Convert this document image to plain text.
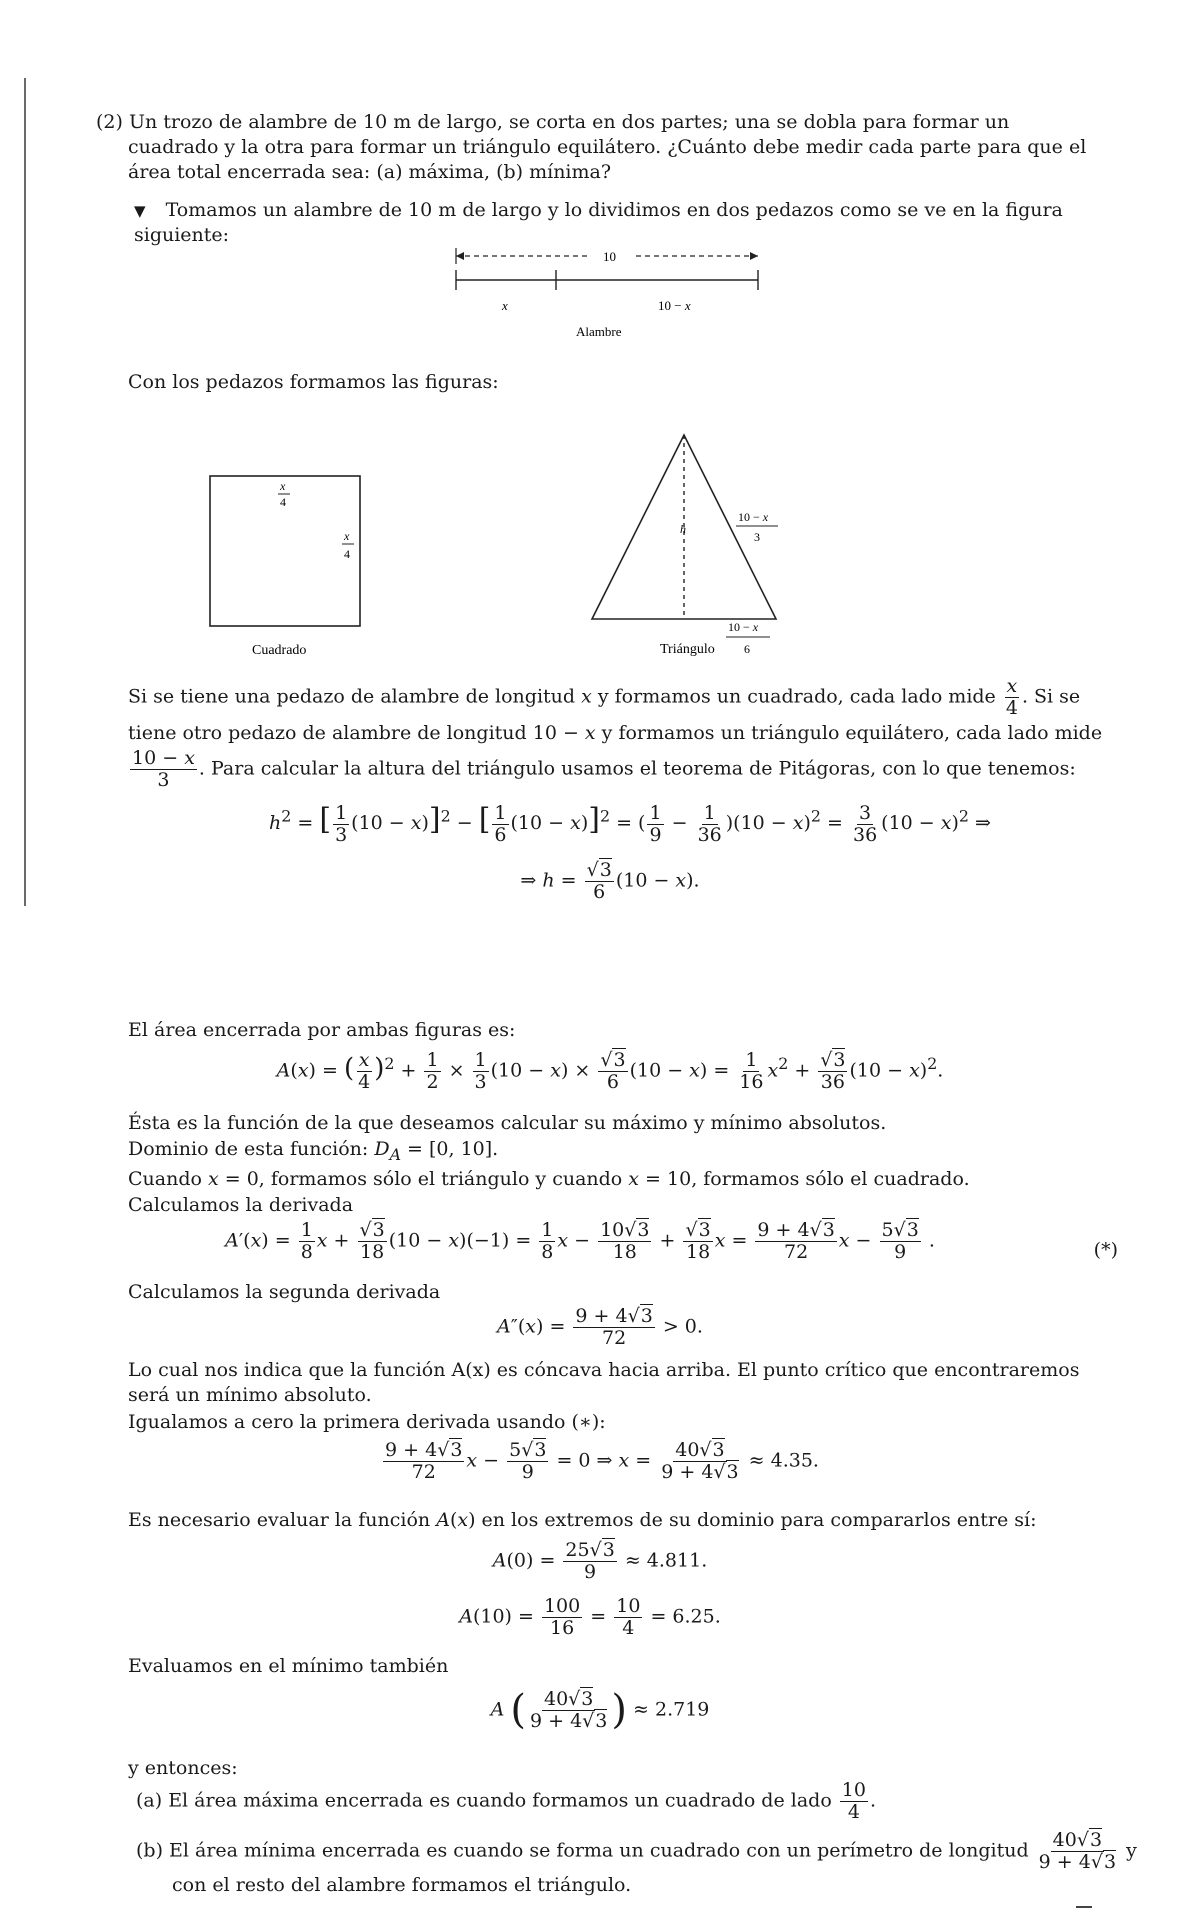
(2) Un trozo de alambre de 10 m de largo, se corta en dos partes; una se dobla para formar un cuadrado y la otra para formar un triángulo equilátero. ¿Cuánto debe medir cada parte para que el área total encerrada sea: (a) máxima, (b) mínima?

▼ Tomamos un alambre de 10 m de largo y lo dividimos en dos pedazos como se ve en la figura siguiente:
10
x	10 − x
Alambre
Con los pedazos formamos las figuras:
x
4
x
4
Cuadrado
h
10 − x
3
10 − x
Triángulo 6
Si se tiene una pedazo de alambre de longitud x y formamos un cuadrado, cada lado mide $\frac{x}{4}$ . Si se tiene otro pedazo de alambre de longitud 10 − x y formamos un triángulo equilátero, cada lado mide
$\frac{10 - x}{3}$ . Para calcular la altura del triángulo usamos el teorema de Pitágoras, con lo que tenemos:
$h^2$ = [ $\frac{1}{3} (10 - x)]^2$ − [ $\frac{1}{6} (10 - x)]^2$ = ( $\frac{1}{9} - \frac{1}{36} )(10 - x)^2 = \frac{3}{36} (10 - x)^2$ ⇒
⇒ $h = \frac{√3}{6} (10 - x)$.
El área encerrada por ambas figuras es:
A(x) = ( $\frac{x}{4} )^2 + \frac{1}{2} \times \frac{1}{3} (10 - x) \times \frac{√3}{6} (10 - x) = \frac{1}{16} x^2 + \frac{√3}{36} (10 - x)^2$.
Ésta es la función de la que deseamos calcular su máximo y mínimo absolutos.
Dominio de esta función: $D_A = [0$, 10].
Cuando x = 0, formamos sólo el triángulo y cuando x = 10, formamos sólo el cuadrado.
Calculamos la derivada
$A'(x) = \frac{1}{8}$ $x + \frac{√3}{18} (10 - x)(-1) = \frac{1}{8}$ $x - \frac{10√3}{18} + \frac{√3}{18}$ $x = \frac{9 + 4√3}{72}$ $x - \frac{5√3}{9}$ .	(*)
Calculamos la segunda derivada
$A''(x) = \frac{9 + 4√3}{72} > 0$.
Lo cual nos indica que la función A(x) es cóncava hacia arriba. El punto crítico que encontraremos será un mínimo absoluto.
Igualamos a cero la primera derivada usando (∗):
$\frac{9 + 4√3}{72}$ $x - \frac{5√3}{9} = 0$ ⇒ $x = \frac{40√3}{9 + 4√3} \approx 4.35$.
Es necesario evaluar la función A(x) en los extremos de su dominio para compararlos entre sí:
$A(0) = \frac{25√3}{9} \approx 4.811$.
$A(10) = \frac{100}{16} = \frac{10}{4} = 6.25$.
Evaluamos en el mínimo también
A ( $\frac{40√3}{9 + 4√3}$ ) ≈ 2.719
y entonces:
(a) El área máxima encerrada es cuando formamos un cuadrado de lado $\frac{10}{4}$ .
(b) El área mínima encerrada es cuando se forma un cuadrado con un perímetro de longitud $\frac{40√3}{9 + 4√3}$ y con el resto del alambre formamos el triángulo.
